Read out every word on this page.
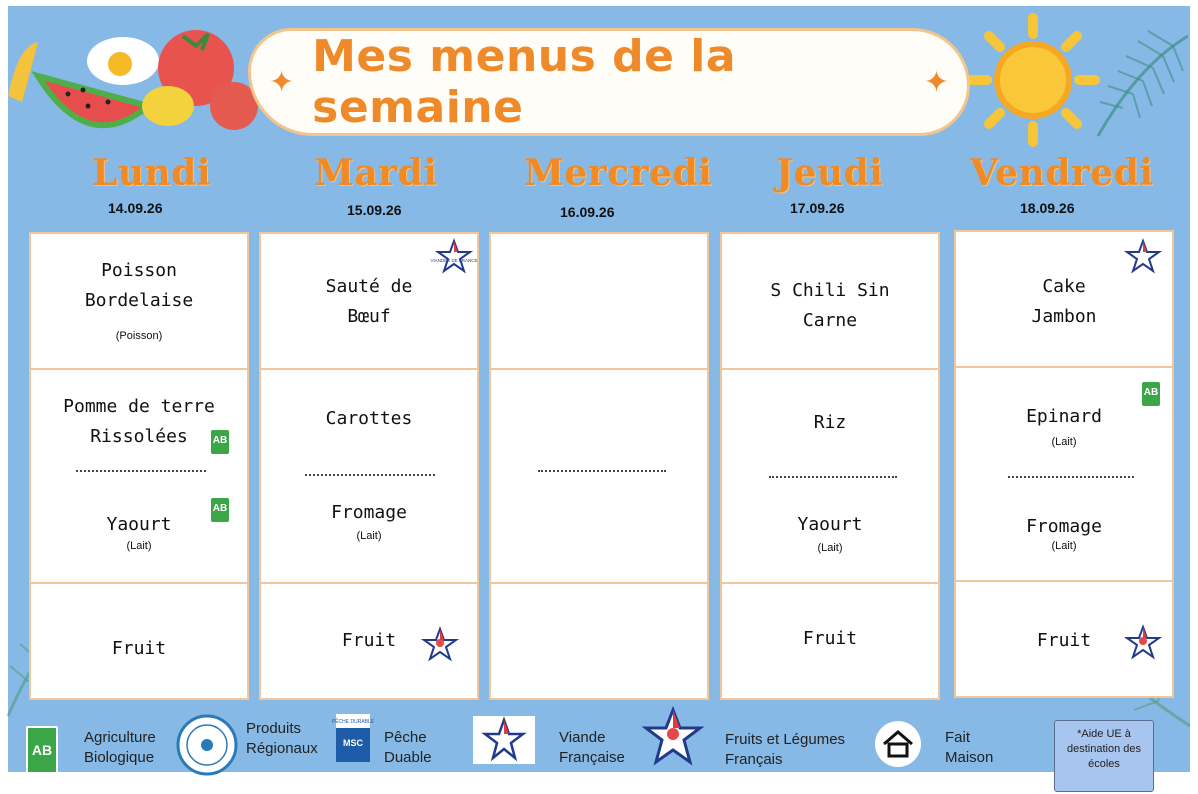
✦ Mes menus de la semaine	✦
Lundi
14.09.26
Mardi
15.09.26
Mercredi
16.09.26
Jeudi
17.09.26
Vendredi
18.09.26
Poisson Bordelaise
(Poisson)
Pomme de terre Rissolées	AB
Yaourt
AB
(Lait)
Fruit
VIANDES DE FRANCE
Sauté de Bœuf
Carottes
Fromage
(Lait)
Fruit
S Chili Sin Carne
Riz
Yaourt
(Lait)
Fruit
Cake Jambon
AB
Epinard
(Lait)
Fromage
(Lait)
Fruit
AB
Agriculture Biologique
Produits Régionaux
PÊCHE DURABLE
MSC Pêche Duable
Viande Française
Fruits et Légumes Français
Fait Maison
*Aide UE à destination des écoles
